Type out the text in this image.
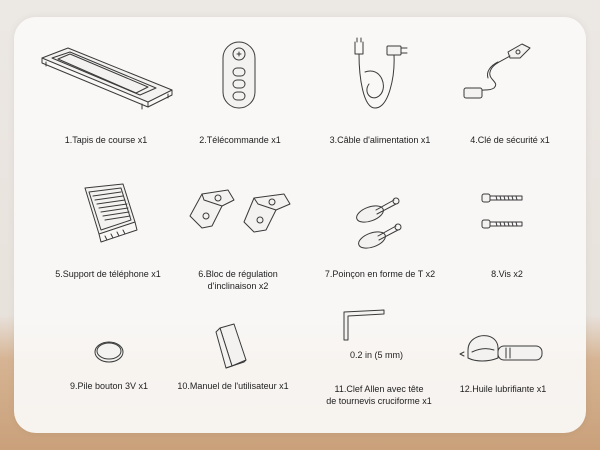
1.Tapis de course x1	2.Télécommande x1	3.Câble d'alimentation x1	4.Clé de sécurité x1
5.Support de téléphone x1	6.Bloc de régulation
d'inclinaison x2
7.Poinçon en forme de T x2	8.Vis x2
9.Pile bouton 3V x1	10.Manuel de l'utilisateur x1
0.2 in (5 mm)
11.Clef Allen avec tête
de tournevis cruciforme x1
12.Huile lubrifiante x1
